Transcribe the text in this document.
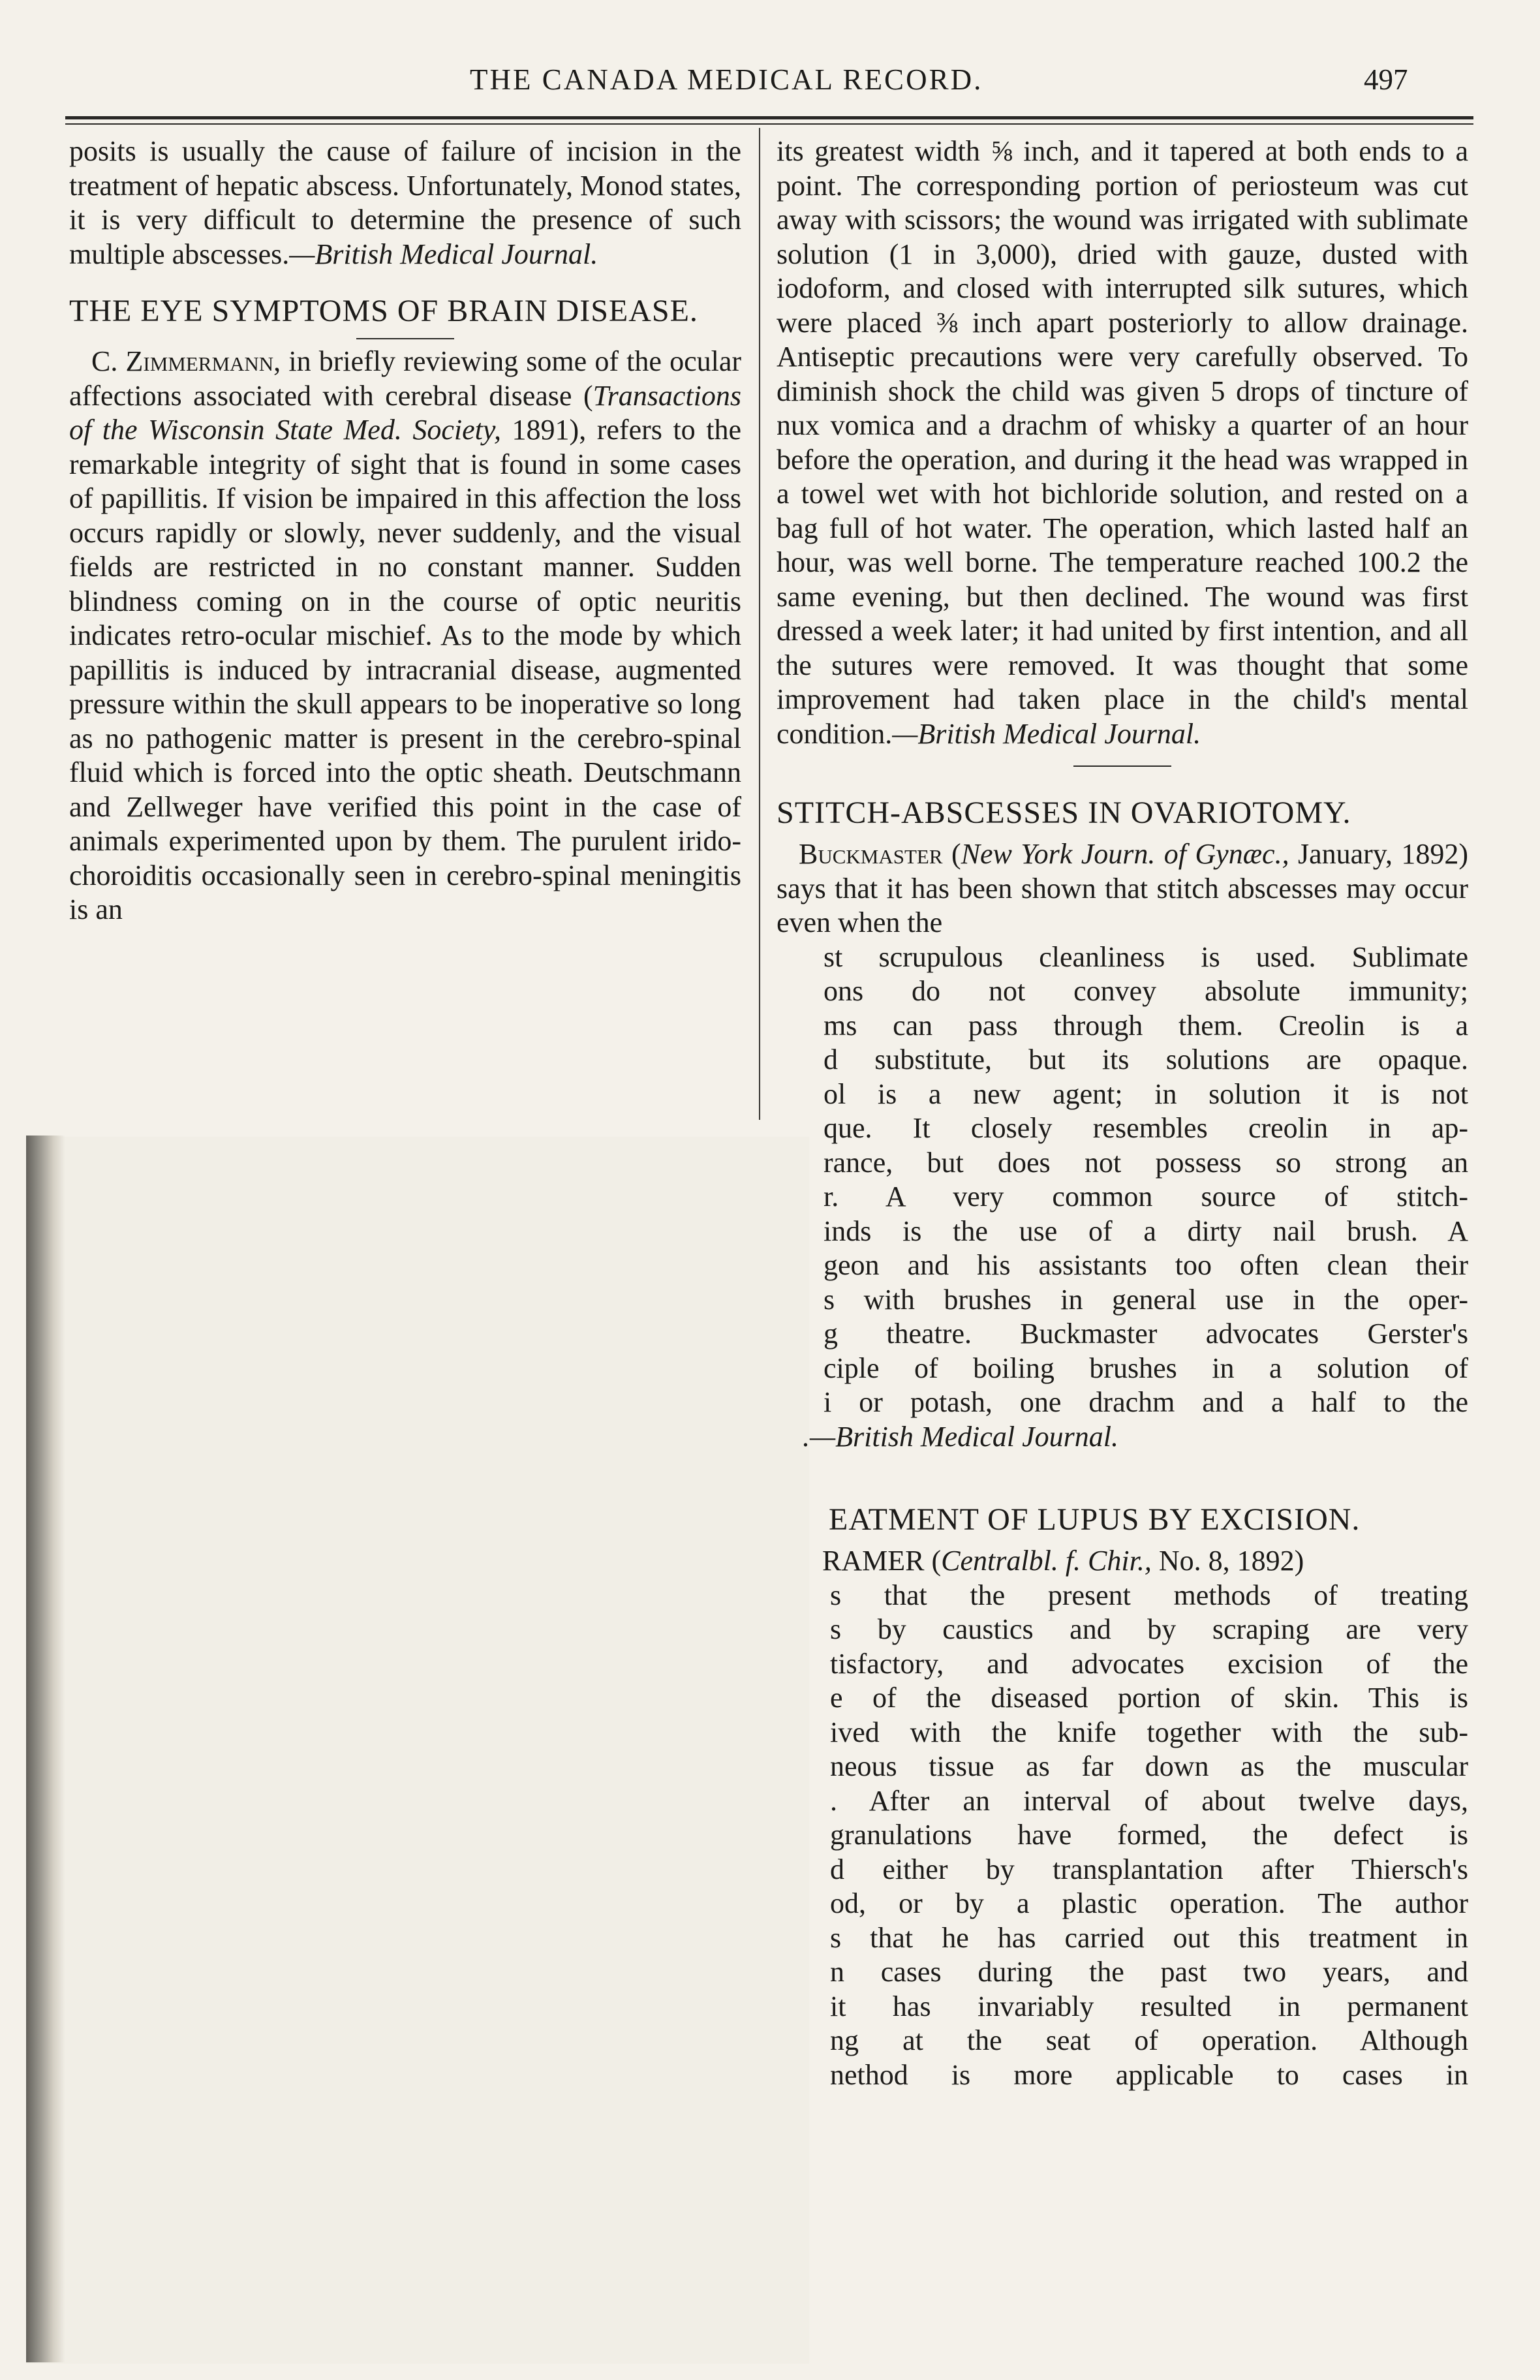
THE CANADA MEDICAL RECORD.	497

posits is usually the cause of failure of incision in the treatment of hepatic abscess. Unfortunately, Monod states, it is very difficult to determine the presence of such multiple abscesses.—British Medical Journal.

THE EYE SYMPTOMS OF BRAIN DISEASE.

C. Zimmermann, in briefly reviewing some of the ocular affections associated with cerebral disease (Transactions of the Wisconsin State Med. Society, 1891), refers to the remarkable integrity of sight that is found in some cases of papillitis. If vision be impaired in this affection the loss occurs rapidly or slowly, never suddenly, and the visual fields are restricted in no constant manner. Sudden blindness coming on in the course of optic neuritis indicates retro-ocular mischief. As to the mode by which papillitis is induced by intracranial disease, augmented pressure within the skull appears to be inoperative so long as no pathogenic matter is present in the cerebro-spinal fluid which is forced into the optic sheath. Deutschmann and Zellweger have verified this point in the case of animals experimented upon by them. The purulent irido-choroiditis occasionally seen in cerebro-spinal meningitis is an

its greatest width ⅝ inch, and it tapered at both ends to a point. The corresponding portion of periosteum was cut away with scissors; the wound was irrigated with sublimate solution (1 in 3,000), dried with gauze, dusted with iodoform, and closed with interrupted silk sutures, which were placed ⅜ inch apart posteriorly to allow drainage. Antiseptic precautions were very carefully observed. To diminish shock the child was given 5 drops of tincture of nux vomica and a drachm of whisky a quarter of an hour before the operation, and during it the head was wrapped in a towel wet with hot bichloride solution, and rested on a bag full of hot water. The operation, which lasted half an hour, was well borne. The temperature reached 100.2 the same evening, but then declined. The wound was first dressed a week later; it had united by first intention, and all the sutures were removed. It was thought that some improvement had taken place in the child's mental condition.—British Medical Journal.

STITCH-ABSCESSES IN OVARIOTOMY.

Buckmaster (New York Journ. of Gynæc., January, 1892) says that it has been shown that stitch abscesses may occur even when the

st scrupulous cleanliness is used. Sublimate
ons do not convey absolute immunity;
ms can pass through them. Creolin is a
d substitute, but its solutions are opaque.
ol is a new agent; in solution it is not
que. It closely resembles creolin in ap-
rance, but does not possess so strong an
r. A very common source of stitch-
inds is the use of a dirty nail brush. A
geon and his assistants too often clean their
s with brushes in general use in the oper-
g theatre. Buckmaster advocates Gerster's
ciple of boiling brushes in a solution of
i or potash, one drachm and a half to the

.—British Medical Journal.

EATMENT OF LUPUS BY EXCISION.

RAMER (Centralbl. f. Chir., No. 8, 1892)

s that the present methods of treating
s by caustics and by scraping are very
tisfactory, and advocates excision of the
e of the diseased portion of skin. This is
ived with the knife together with the sub-
neous tissue as far down as the muscular
. After an interval of about twelve days,
granulations have formed, the defect is
d either by transplantation after Thiersch's
od, or by a plastic operation. The author
s that he has carried out this treatment in
n cases during the past two years, and
it has invariably resulted in permanent
ng at the seat of operation. Although
nethod is more applicable to cases in
